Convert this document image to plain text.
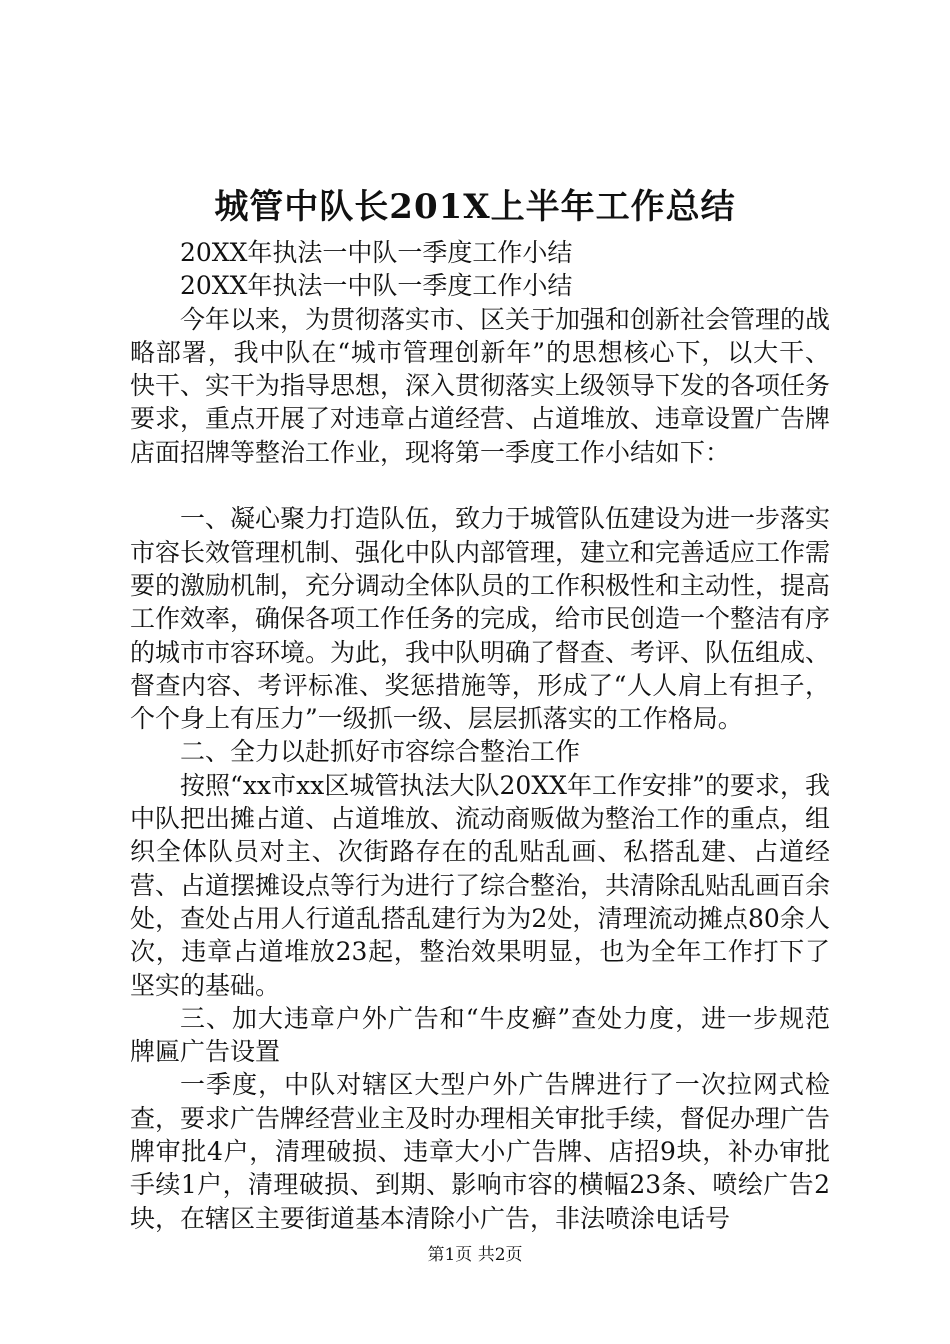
城管中队长201X上半年工作总结

20XX年执法一中队一季度工作小结

20XX年执法一中队一季度工作小结

今年以来，为贯彻落实市、区关于加强和创新社会管理的战略部署，我中队在“城市管理创新年”的思想核心下，以大干、快干、实干为指导思想，深入贯彻落实上级领导下发的各项任务要求，重点开展了对违章占道经营、占道堆放、违章设置广告牌店面招牌等整治工作业，现将第一季度工作小结如下：

一、凝心聚力打造队伍，致力于城管队伍建设为进一步落实市容长效管理机制、强化中队内部管理，建立和完善适应工作需要的激励机制，充分调动全体队员的工作积极性和主动性，提高工作效率，确保各项工作任务的完成，给市民创造一个整洁有序的城市市容环境。为此，我中队明确了督查、考评、队伍组成、督查内容、考评标准、奖惩措施等，形成了“人人肩上有担子，个个身上有压力”一级抓一级、层层抓落实的工作格局。

二、全力以赴抓好市容综合整治工作

按照“xx市xx区城管执法大队20XX年工作安排”的要求，我中队把出摊占道、占道堆放、流动商贩做为整治工作的重点，组织全体队员对主、次街路存在的乱贴乱画、私搭乱建、占道经营、占道摆摊设点等行为进行了综合整治，共清除乱贴乱画百余处，查处占用人行道乱搭乱建行为为2处，清理流动摊点80余人次，违章占道堆放23起，整治效果明显，也为全年工作打下了坚实的基础。

三、加大违章户外广告和“牛皮癣”查处力度，进一步规范牌匾广告设置

一季度，中队对辖区大型户外广告牌进行了一次拉网式检查，要求广告牌经营业主及时办理相关审批手续，督促办理广告牌审批4户，清理破损、违章大小广告牌、店招9块，补办审批手续1户，清理破损、到期、影响市容的横幅23条、喷绘广告2块，在辖区主要街道基本清除小广告，非法喷涂电话号

第1页 共2页
